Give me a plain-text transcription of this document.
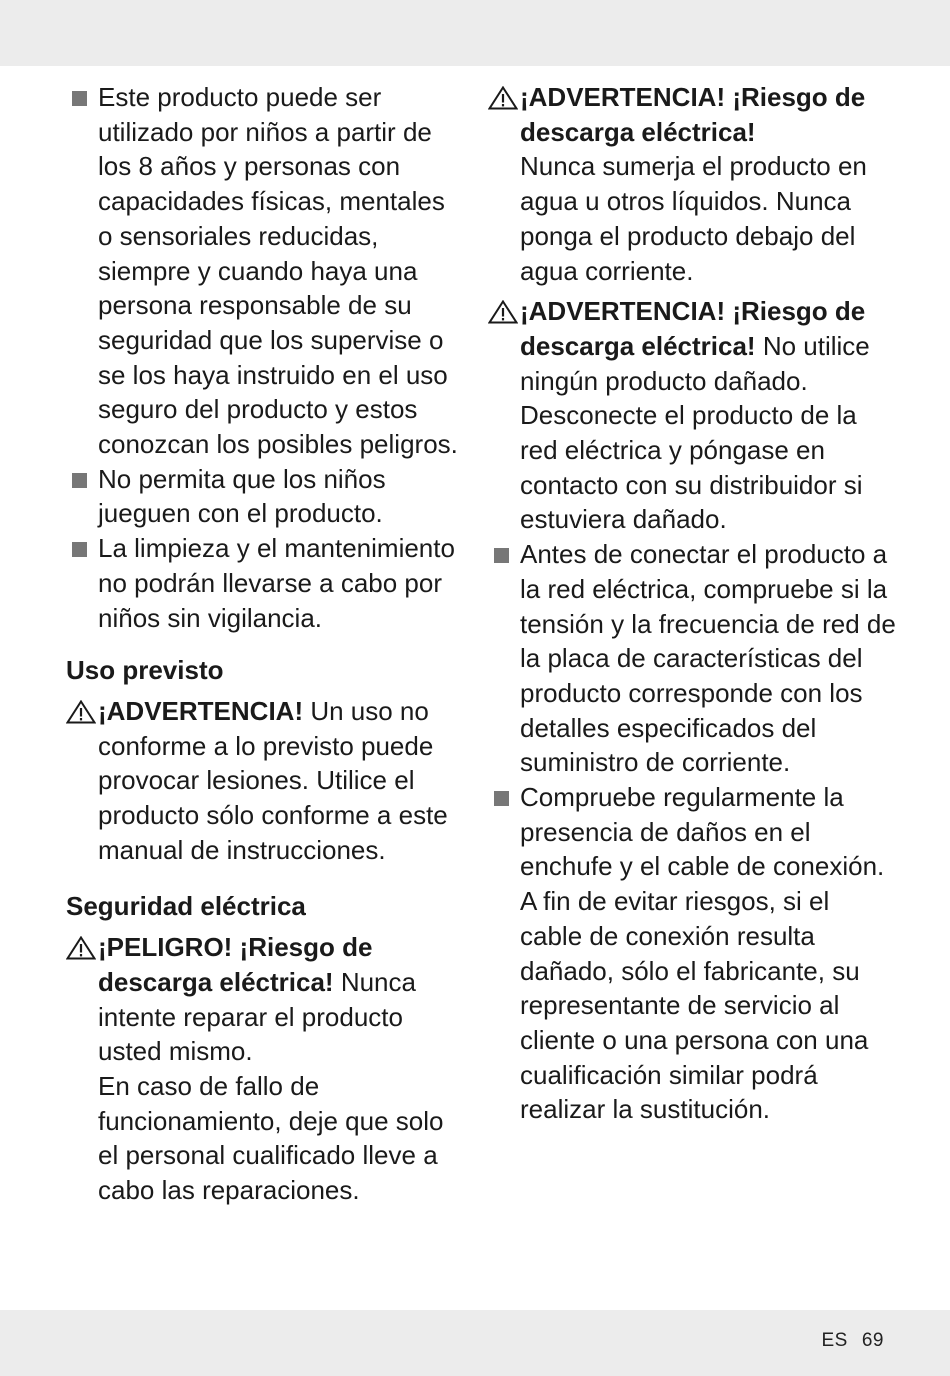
Este producto puede ser utilizado por niños a partir de los 8 años y personas con capacidades físicas, mentales o sensoriales reducidas, siempre y cuando haya una persona responsable de su seguridad que los supervise o se los haya instruido en el uso seguro del producto y estos conozcan los posibles peligros.
No permita que los niños jueguen con el producto.
La limpieza y el mantenimiento no podrán llevarse a cabo por niños sin vigilancia.
Uso previsto
¡ADVERTENCIA! Un uso no conforme a lo previsto puede provocar lesiones. Utilice el producto sólo conforme a este manual de instrucciones.
Seguridad eléctrica
¡PELIGRO! ¡Riesgo de descarga eléctrica! Nunca intente reparar el producto usted mismo.
En caso de fallo de funcionamiento, deje que solo el personal cualificado lleve a cabo las reparaciones.
¡ADVERTENCIA! ¡Riesgo de descarga eléctrica!
Nunca sumerja el producto en agua u otros líquidos. Nunca ponga el producto debajo del agua corriente.
¡ADVERTENCIA! ¡Riesgo de descarga eléctrica! No utilice ningún producto dañado. Desconecte el producto de la red eléctrica y póngase en contacto con su distribuidor si estuviera dañado.
Antes de conectar el producto a la red eléctrica, compruebe si la tensión y la frecuencia de red de la placa de características del producto corresponde con los detalles especificados del suministro de corriente.
Compruebe regularmente la presencia de daños en el enchufe y el cable de conexión. A fin de evitar riesgos, si el cable de conexión resulta dañado, sólo el fabricante, su representante de servicio al cliente o una persona con una cualificación similar podrá realizar la sustitución.
ES 69
